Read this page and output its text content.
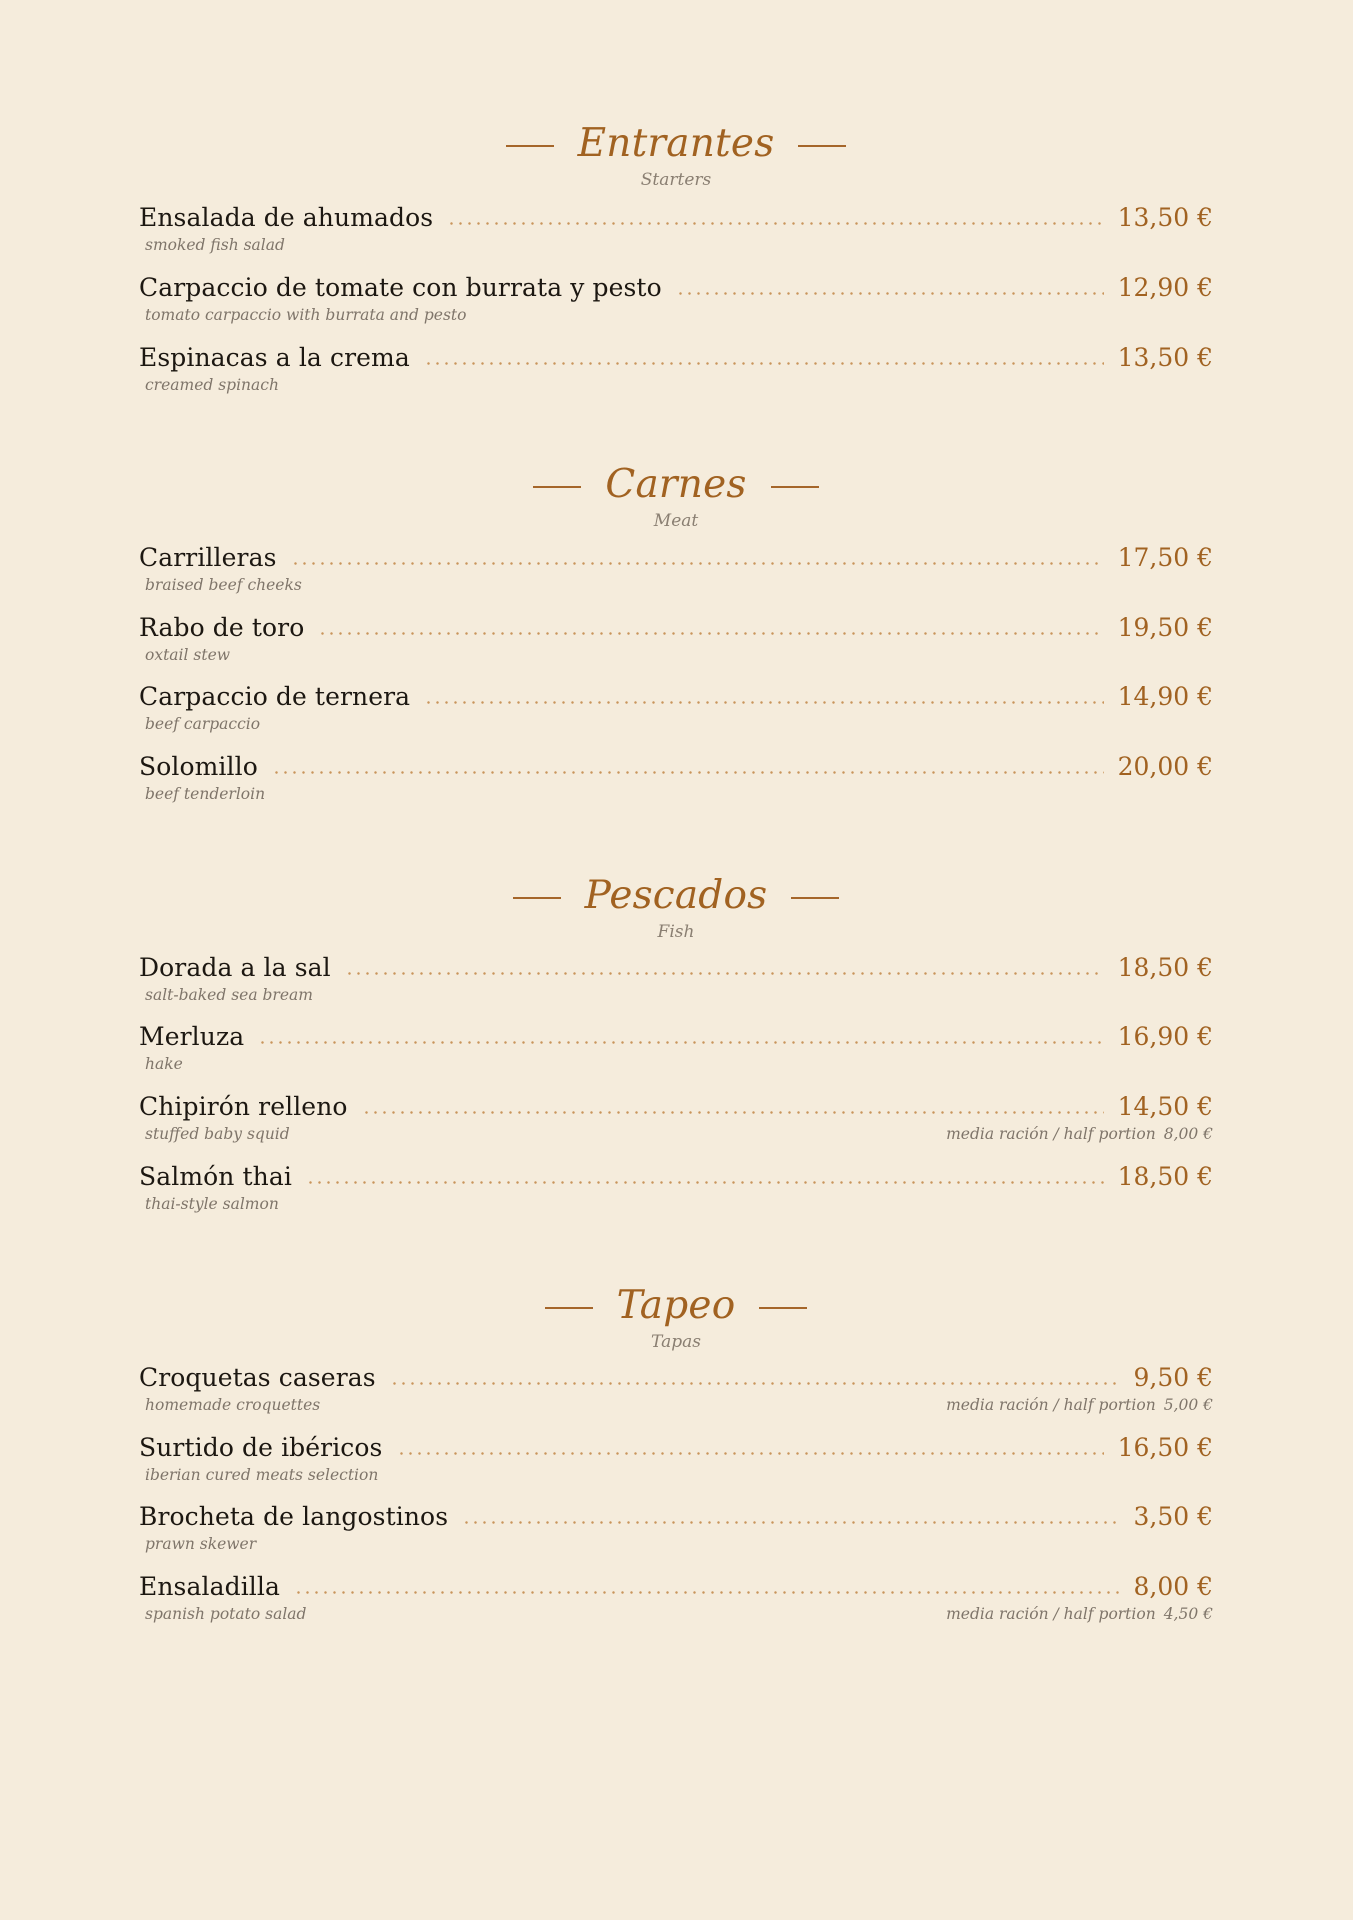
Entrantes
Starters
Ensalada de ahumados	13,50 €
smoked fish salad
Carpaccio de tomate con burrata y pesto	12,90 €
tomato carpaccio with burrata and pesto
Espinacas a la crema	13,50 €
creamed spinach
Carnes
Meat
Carrilleras	17,50 €
braised beef cheeks
Rabo de toro	19,50 €
oxtail stew
Carpaccio de ternera	14,90 €
beef carpaccio
Solomillo	20,00 €
beef tenderloin
Pescados
Fish
Dorada a la sal	18,50 €
salt-baked sea bream
Merluza	16,90 €
hake
Chipirón relleno	14,50 €
stuffed baby squid	media ración / half portion 8,00 €
Salmón thai	18,50 €
thai-style salmon
Tapeo
Tapas
Croquetas caseras	9,50 €
homemade croquettes	media ración / half portion 5,00 €
Surtido de ibéricos	16,50 €
iberian cured meats selection
Brocheta de langostinos	3,50 €
prawn skewer
Ensaladilla	8,00 €
spanish potato salad	media ración / half portion 4,50 €
